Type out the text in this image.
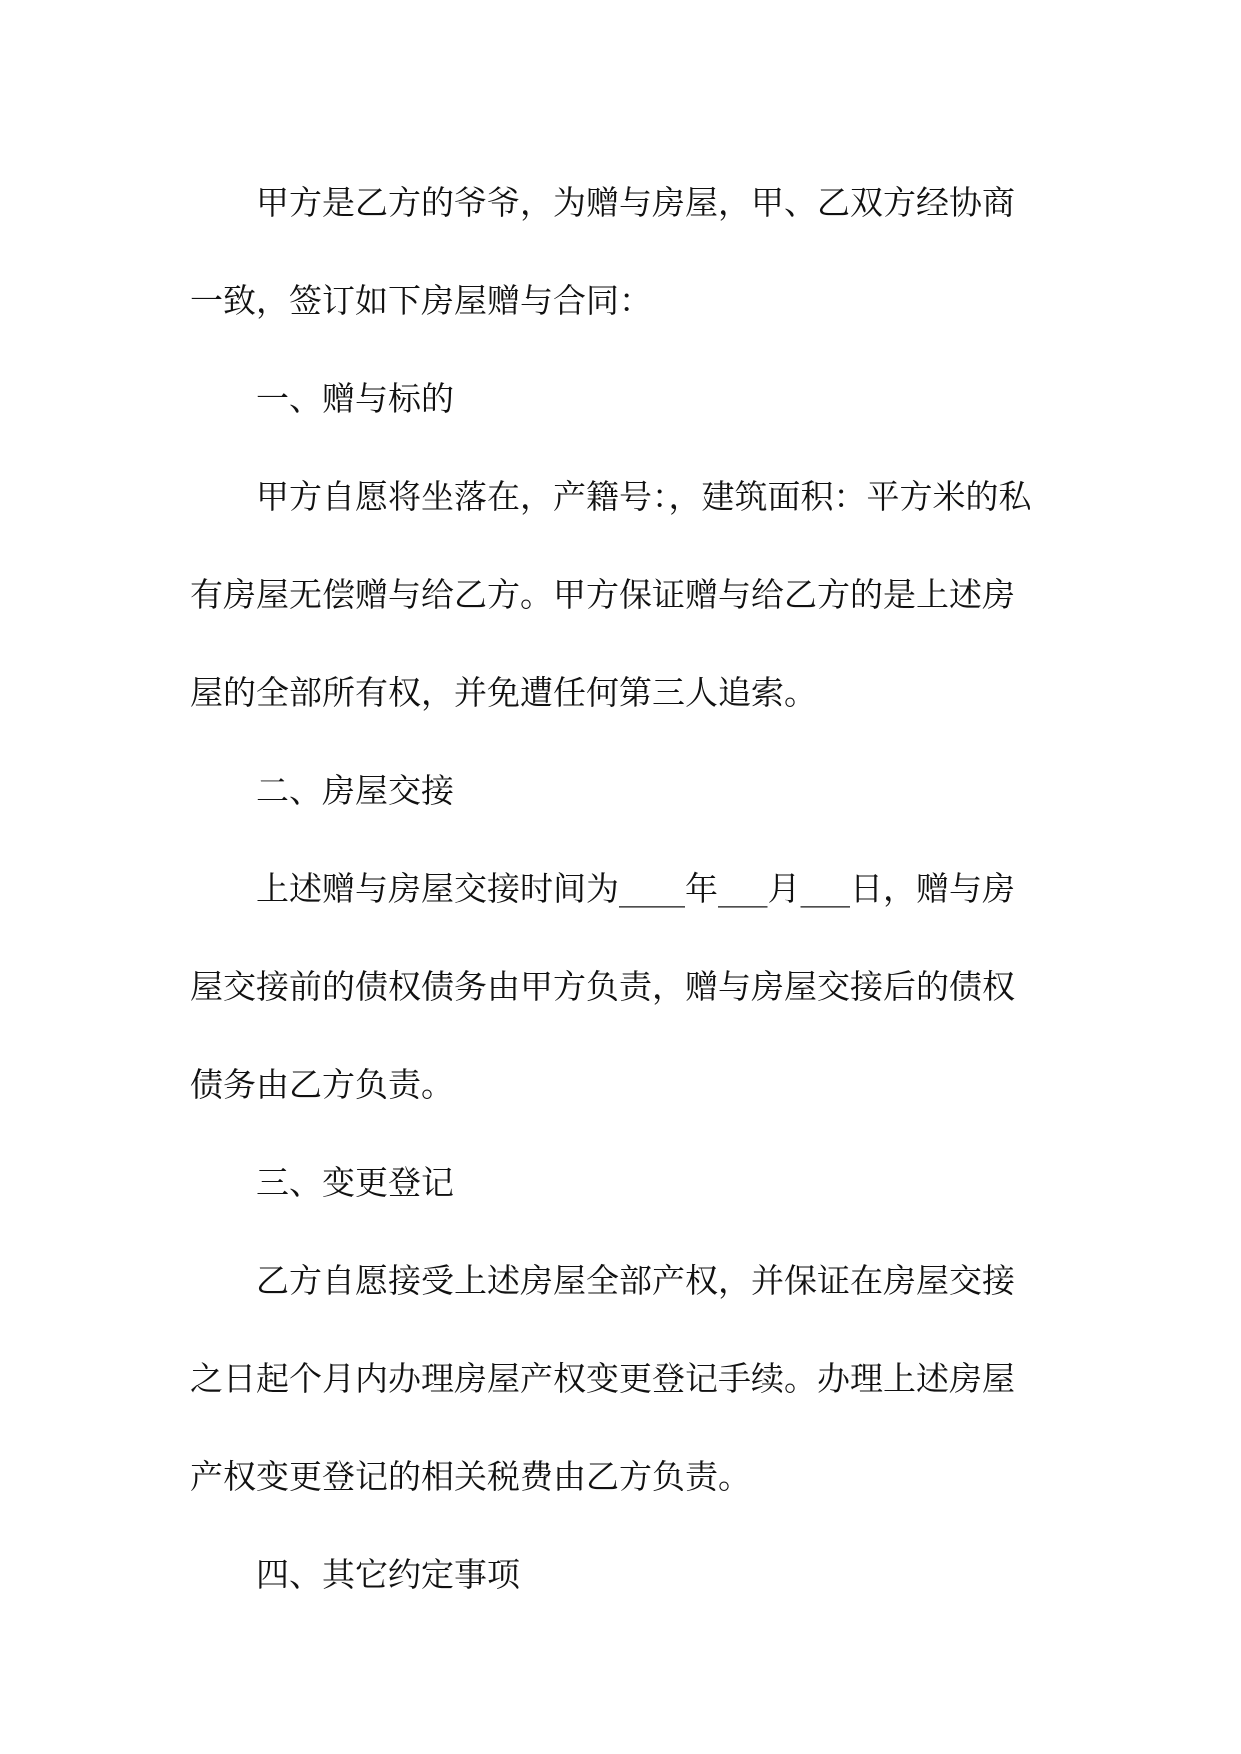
甲方是乙方的爷爷，为赠与房屋，甲、乙双方经协商
一致，签订如下房屋赠与合同：
一、赠与标的
甲方自愿将坐落在，产籍号：，建筑面积：平方米的私
有房屋无偿赠与给乙方。甲方保证赠与给乙方的是上述房
屋的全部所有权，并免遭任何第三人追索。
二、房屋交接
上述赠与房屋交接时间为____年___月___日，赠与房
屋交接前的债权债务由甲方负责，赠与房屋交接后的债权
债务由乙方负责。
三、变更登记
乙方自愿接受上述房屋全部产权，并保证在房屋交接
之日起个月内办理房屋产权变更登记手续。办理上述房屋
产权变更登记的相关税费由乙方负责。
四、其它约定事项
